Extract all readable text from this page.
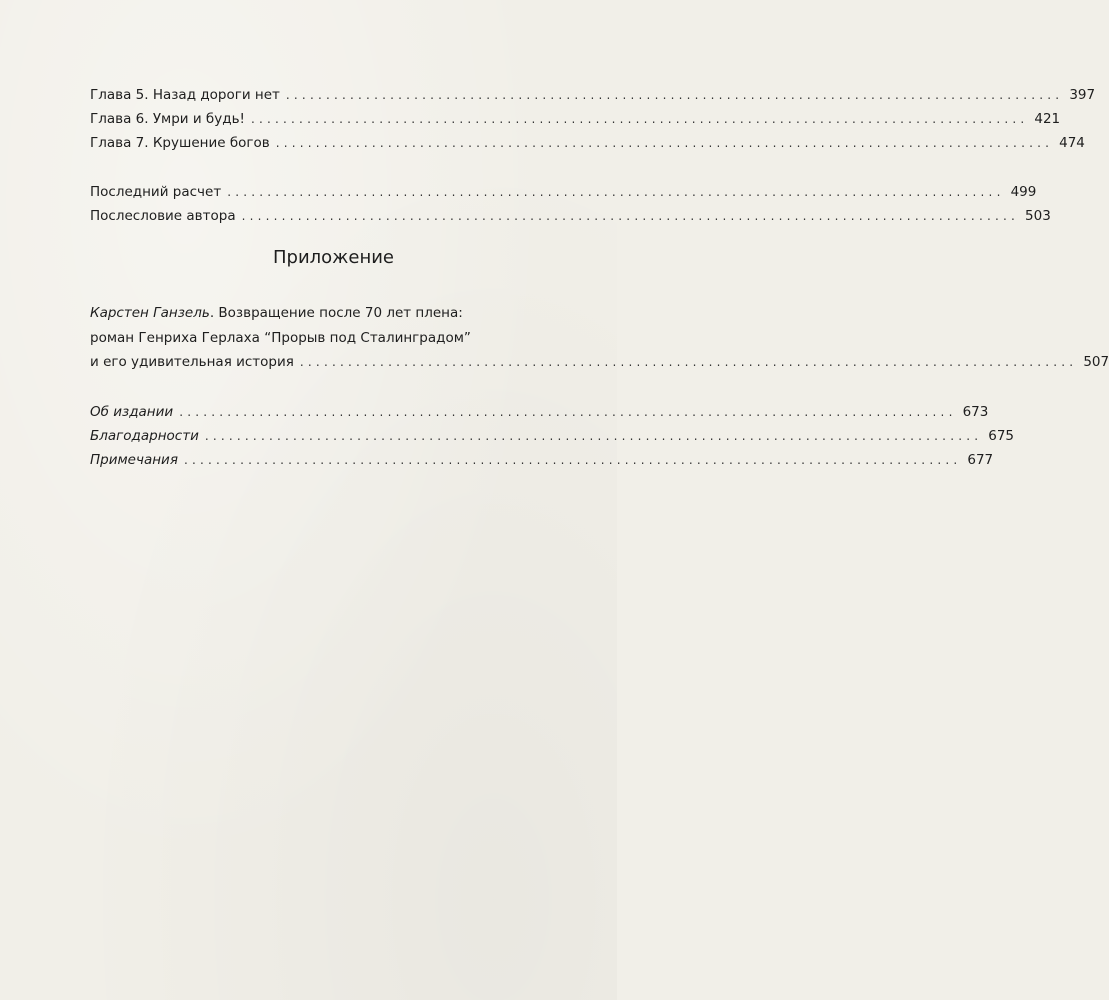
Глава 5. Назад дороги нет ................................................................................................. 397
Глава 6. Умри и будь! ................................................................................................. 421
Глава 7. Крушение богов ................................................................................................. 474
Последний расчет ................................................................................................. 499
Послесловие автора ................................................................................................. 503
Приложение
Карстен Ганзель. Возвращение после 70 лет плена:
роман Генриха Герлаха “Прорыв под Сталинградом”
и его удивительная история ................................................................................................. 507
Об издании ................................................................................................. 673
Благодарности ................................................................................................. 675
Примечания ................................................................................................. 677
